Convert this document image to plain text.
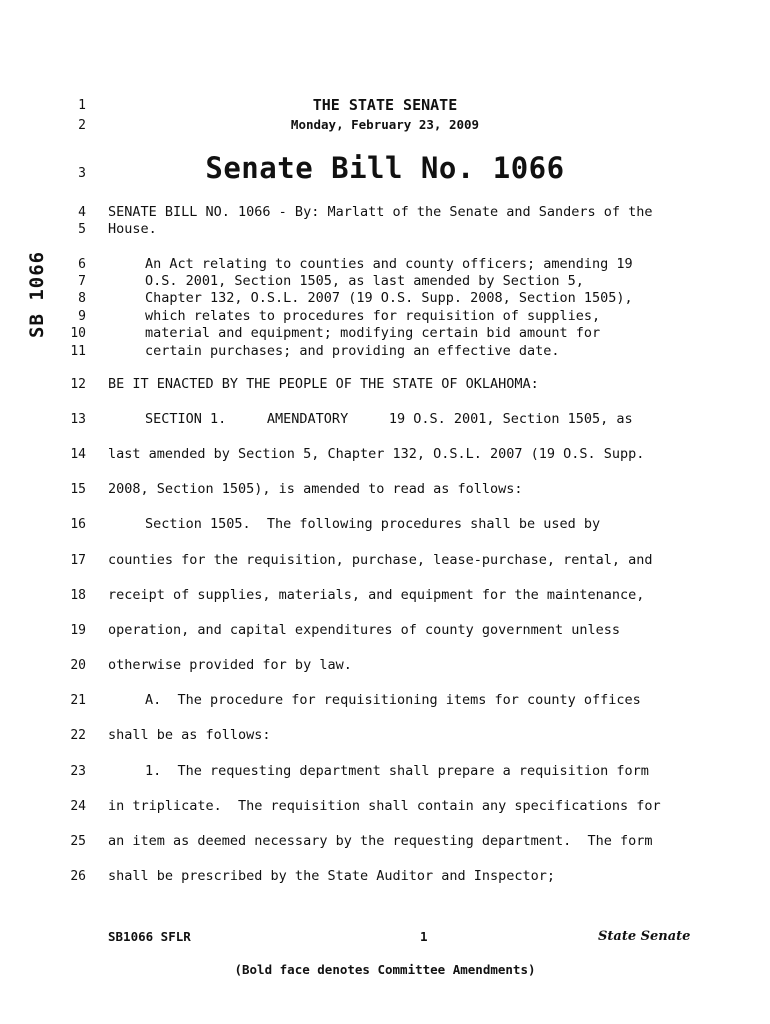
SB 1066
THE STATE SENATE
Monday, February 23, 2009
Senate Bill No. 1066
1
2
3
4
5
6
7
8
9
10
11
12
13
14
15
16
17
18
19
20
21
22
23
24
25
26
SENATE BILL NO. 1066 - By: Marlatt of the Senate and Sanders of the
House.
An Act relating to counties and county officers; amending 19
O.S. 2001, Section 1505, as last amended by Section 5,
Chapter 132, O.S.L. 2007 (19 O.S. Supp. 2008, Section 1505),
which relates to procedures for requisition of supplies,
material and equipment; modifying certain bid amount for
certain purchases; and providing an effective date.
BE IT ENACTED BY THE PEOPLE OF THE STATE OF OKLAHOMA:
SECTION 1.     AMENDATORY     19 O.S. 2001, Section 1505, as
last amended by Section 5, Chapter 132, O.S.L. 2007 (19 O.S. Supp.
2008, Section 1505), is amended to read as follows:
Section 1505.  The following procedures shall be used by
counties for the requisition, purchase, lease-purchase, rental, and
receipt of supplies, materials, and equipment for the maintenance,
operation, and capital expenditures of county government unless
otherwise provided for by law.
A.  The procedure for requisitioning items for county offices
shall be as follows:
1.  The requesting department shall prepare a requisition form
in triplicate.  The requisition shall contain any specifications for
an item as deemed necessary by the requesting department.  The form
shall be prescribed by the State Auditor and Inspector;
SB1066 SFLR	1	State Senate
(Bold face denotes Committee Amendments)
